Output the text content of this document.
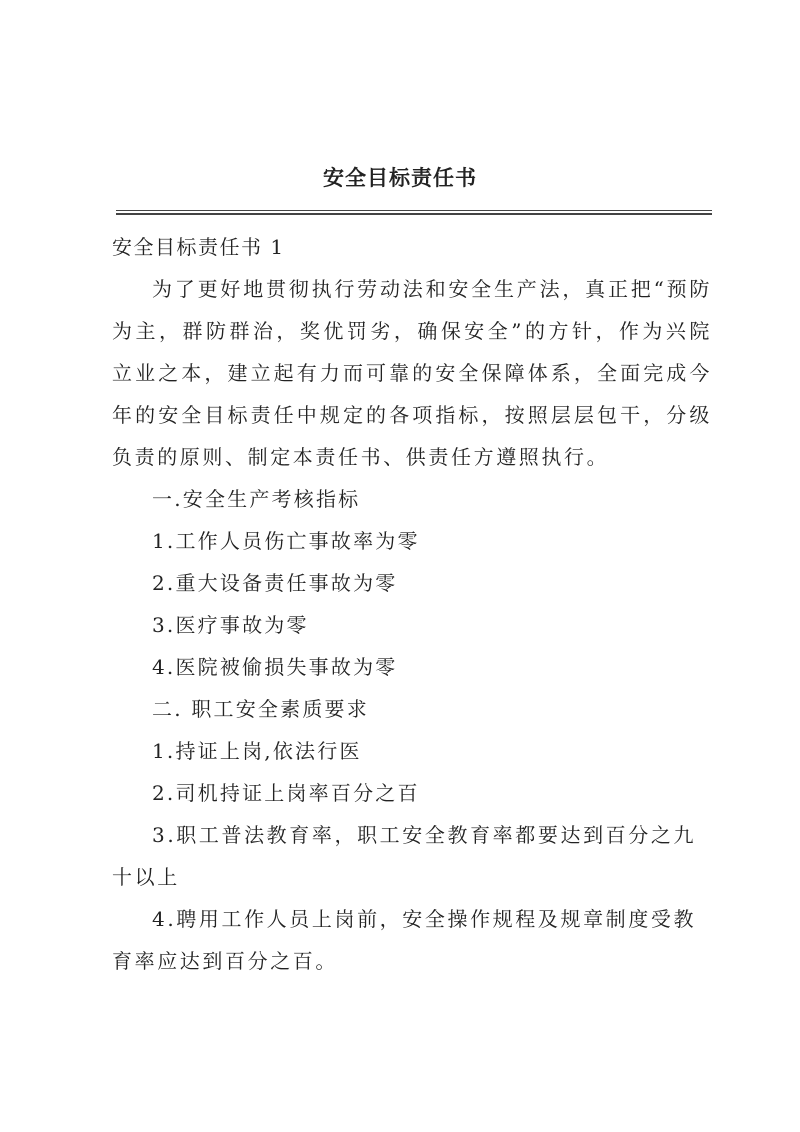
安全目标责任书

安全目标责任书 1

为了更好地贯彻执行劳动法和安全生产法，真正把“预防为主，群防群治，奖优罚劣，确保安全”的方针，作为兴院立业之本，建立起有力而可靠的安全保障体系，全面完成今年的安全目标责任中规定的各项指标，按照层层包干，分级负责的原则、制定本责任书、供责任方遵照执行。

一.安全生产考核指标

1.工作人员伤亡事故率为零

2.重大设备责任事故为零

3.医疗事故为零

4.医院被偷损失事故为零

二. 职工安全素质要求

1.持证上岗,依法行医

2.司机持证上岗率百分之百

3.职工普法教育率，职工安全教育率都要达到百分之九十以上

4.聘用工作人员上岗前，安全操作规程及规章制度受教育率应达到百分之百。
